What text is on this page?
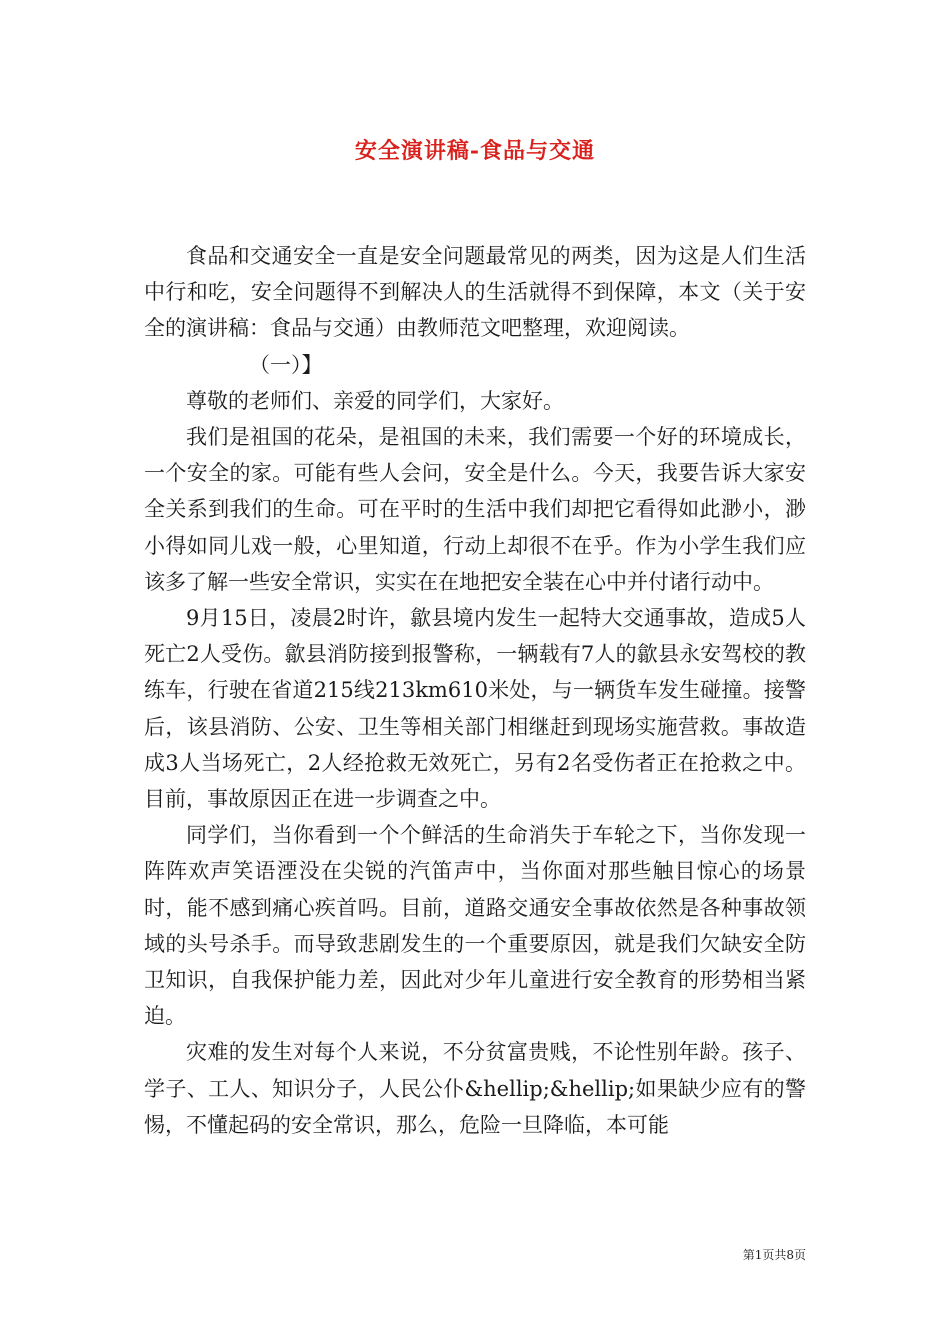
安全演讲稿-食品与交通

食品和交通安全一直是安全问题最常见的两类，因为这是人们生活中行和吃，安全问题得不到解决人的生活就得不到保障，本文（关于安全的演讲稿：食品与交通）由教师范文吧整理，欢迎阅读。

（一）】

尊敬的老师们、亲爱的同学们，大家好。

我们是祖国的花朵，是祖国的未来，我们需要一个好的环境成长，一个安全的家。可能有些人会问，安全是什么。今天，我要告诉大家安全关系到我们的生命。可在平时的生活中我们却把它看得如此渺小，渺小得如同儿戏一般，心里知道，行动上却很不在乎。作为小学生我们应该多了解一些安全常识，实实在在地把安全装在心中并付诸行动中。

9月15日，凌晨2时许，歙县境内发生一起特大交通事故，造成5人死亡2人受伤。歙县消防接到报警称，一辆载有7人的歙县永安驾校的教练车，行驶在省道215线213km610米处，与一辆货车发生碰撞。接警后，该县消防、公安、卫生等相关部门相继赶到现场实施营救。事故造成3人当场死亡，2人经抢救无效死亡，另有2名受伤者正在抢救之中。目前，事故原因正在进一步调查之中。

同学们，当你看到一个个鲜活的生命消失于车轮之下，当你发现一阵阵欢声笑语湮没在尖锐的汽笛声中，当你面对那些触目惊心的场景时，能不感到痛心疾首吗。目前，道路交通安全事故依然是各种事故领域的头号杀手。而导致悲剧发生的一个重要原因，就是我们欠缺安全防卫知识，自我保护能力差，因此对少年儿童进行安全教育的形势相当紧迫。

灾难的发生对每个人来说，不分贫富贵贱，不论性别年龄。孩子、学子、工人、知识分子，人民公仆&hellip;&hellip;如果缺少应有的警惕，不懂起码的安全常识，那么，危险一旦降临，本可能

第1页共8页
